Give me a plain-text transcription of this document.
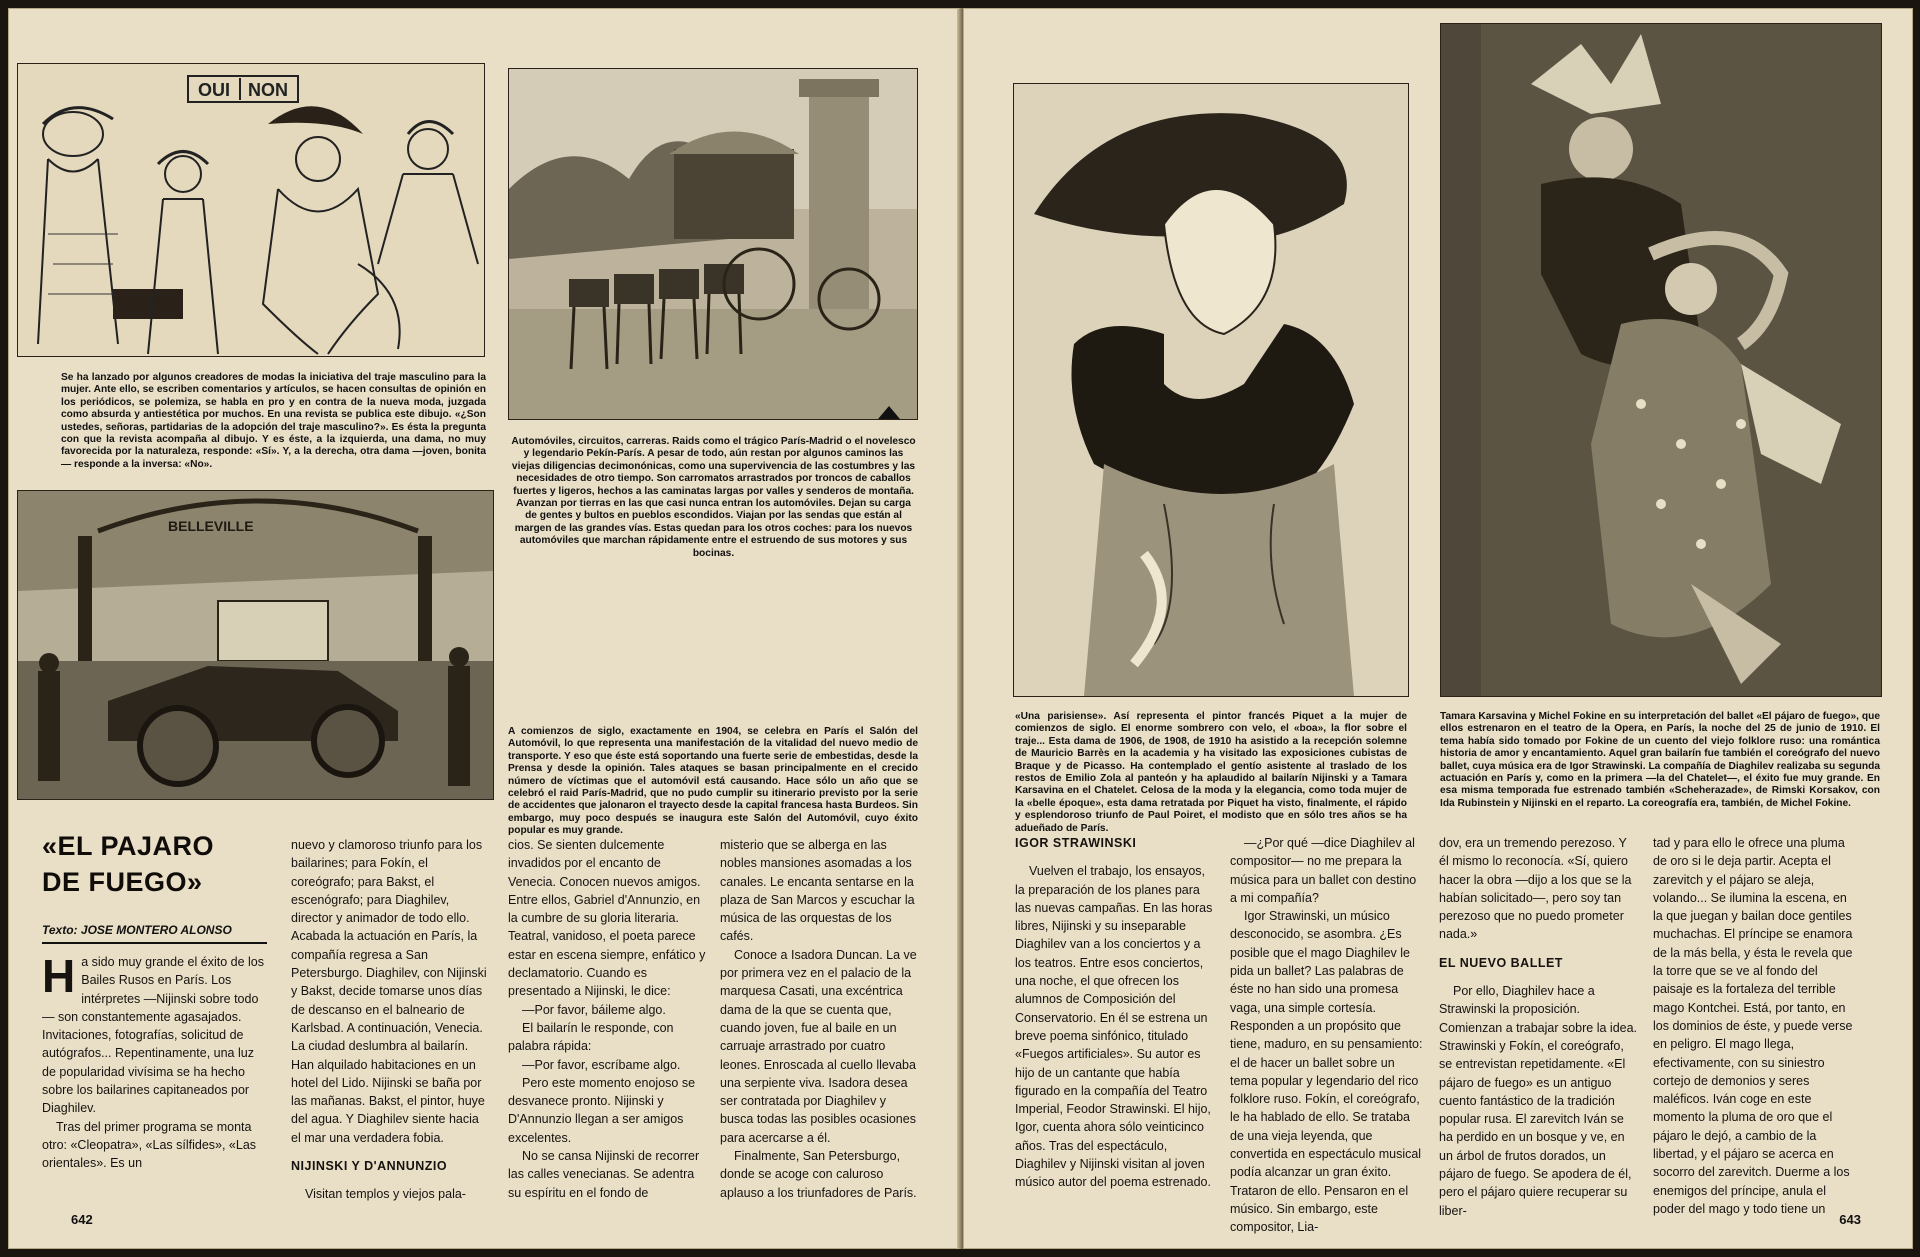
OUI NON

Se ha lanzado por algunos creadores de modas la iniciativa del traje masculino para la mujer. Ante ello, se escriben comentarios y artículos, se hacen consultas de opinión en los periódicos, se polemiza, se habla en pro y en contra de la nueva moda, juzgada como absurda y antiestética por muchos. En una revista se publica este dibujo. «¿Son ustedes, señoras, partidarias de la adopción del traje masculino?». Es ésta la pregunta con que la revista acompaña al dibujo. Y es éste, a la izquierda, una dama, no muy favorecida por la naturaleza, responde: «Sí». Y, a la derecha, otra dama —joven, bonita— responde a la inversa: «No».

Automóviles, circuitos, carreras. Raids como el trágico París-Madrid o el novelesco y legendario Pekín-París. A pesar de todo, aún restan por algunos caminos las viejas diligencias decimonónicas, como una supervivencia de las costumbres y las necesidades de otro tiempo. Son carromatos arrastrados por troncos de caballos fuertes y ligeros, hechos a las caminatas largas por valles y senderos de montaña. Avanzan por tierras en las que casi nunca entran los automóviles. Dejan su carga de gentes y bultos en pueblos escondidos. Viajan por las sendas que están al margen de las grandes vías. Estas quedan para los otros coches: para los nuevos automóviles que marchan rápidamente entre el estruendo de sus motores y sus bocinas.

BELLEVILLE

A comienzos de siglo, exactamente en 1904, se celebra en París el Salón del Automóvil, lo que representa una manifestación de la vitalidad del nuevo medio de transporte. Y eso que éste está soportando una fuerte serie de embestidas, desde la Prensa y desde la opinión. Tales ataques se basan principalmente en el crecido número de víctimas que el automóvil está causando. Hace sólo un año que se celebró el raid París-Madrid, que no pudo cumplir su itinerario previsto por la serie de accidentes que jalonaron el trayecto desde la capital francesa hasta Burdeos. Sin embargo, muy poco después se inaugura este Salón del Automóvil, cuyo éxito popular es muy grande.

«EL PAJARO DE FUEGO»

Texto: JOSE MONTERO ALONSO

Ha sido muy grande el éxito de los Bailes Rusos en París. Los intérpretes —Nijinski sobre todo— son constantemente agasajados. Invitaciones, fotografías, solicitud de autógrafos... Repentinamente, una luz de popularidad vivísima se ha hecho sobre los bailarines capitaneados por Diaghilev.

Tras del primer programa se monta otro: «Cleopatra», «Las sílfides», «Las orientales». Es un

nuevo y clamoroso triunfo para los bailarines; para Fokín, el coreógrafo; para Bakst, el escenógrafo; para Diaghilev, director y animador de todo ello. Acabada la actuación en París, la compañía regresa a San Petersburgo. Diaghilev, con Nijinski y Bakst, decide tomarse unos días de descanso en el balneario de Karlsbad. A continuación, Venecia. La ciudad deslumbra al bailarín. Han alquilado habitaciones en un hotel del Lido. Nijinski se baña por las mañanas. Bakst, el pintor, huye del agua. Y Diaghilev siente hacia el mar una verdadera fobia.

NIJINSKI Y D'ANNUNZIO

Visitan templos y viejos pala-

cios. Se sienten dulcemente invadidos por el encanto de Venecia. Conocen nuevos amigos. Entre ellos, Gabriel d'Annunzio, en la cumbre de su gloria literaria. Teatral, vanidoso, el poeta parece estar en escena siempre, enfático y declamatorio. Cuando es presentado a Nijinski, le dice:

—Por favor, báileme algo.

El bailarín le responde, con palabra rápida:

—Por favor, escríbame algo.

Pero este momento enojoso se desvanece pronto. Nijinski y D'Annunzio llegan a ser amigos excelentes.

No se cansa Nijinski de recorrer las calles venecianas. Se adentra su espíritu en el fondo de

misterio que se alberga en las nobles mansiones asomadas a los canales. Le encanta sentarse en la plaza de San Marcos y escuchar la música de las orquestas de los cafés.

Conoce a Isadora Duncan. La ve por primera vez en el palacio de la marquesa Casati, una excéntrica dama de la que se cuenta que, cuando joven, fue al baile en un carruaje arrastrado por cuatro leones. Enroscada al cuello llevaba una serpiente viva. Isadora desea ser contratada por Diaghilev y busca todas las posibles ocasiones para acercarse a él.

Finalmente, San Petersburgo, donde se acoge con caluroso aplauso a los triunfadores de París.

642

«Una parisiense». Así representa el pintor francés Piquet a la mujer de comienzos de siglo. El enorme sombrero con velo, el «boa», la flor sobre el traje... Esta dama de 1906, de 1908, de 1910 ha asistido a la recepción solemne de Mauricio Barrès en la academia y ha visitado las exposiciones cubistas de Braque y de Picasso. Ha contemplado el gentío asistente al traslado de los restos de Emilio Zola al panteón y ha aplaudido al bailarín Nijinski y a Tamara Karsavina en el Chatelet. Celosa de la moda y la elegancia, como toda mujer de la «belle époque», esta dama retratada por Piquet ha visto, finalmente, el rápido y esplendoroso triunfo de Paul Poiret, el modisto que en sólo tres años se ha adueñado de París.

Tamara Karsavina y Michel Fokine en su interpretación del ballet «El pájaro de fuego», que ellos estrenaron en el teatro de la Opera, en París, la noche del 25 de junio de 1910. El tema había sido tomado por Fokine de un cuento del viejo folklore ruso: una romántica historia de amor y encantamiento. Aquel gran bailarín fue también el coreógrafo del nuevo ballet, cuya música era de Igor Strawinski. La compañía de Diaghilev realizaba su segunda actuación en París y, como en la primera —la del Chatelet—, el éxito fue muy grande. En esa misma temporada fue estrenado también «Scheherazade», de Rimski Korsakov, con Ida Rubinstein y Nijinski en el reparto. La coreografía era, también, de Michel Fokine.

IGOR STRAWINSKI

Vuelven el trabajo, los ensayos, la preparación de los planes para las nuevas campañas. En las horas libres, Nijinski y su inseparable Diaghilev van a los conciertos y a los teatros. Entre esos conciertos, una noche, el que ofrecen los alumnos de Composición del Conservatorio. En él se estrena un breve poema sinfónico, titulado «Fuegos artificiales». Su autor es hijo de un cantante que había figurado en la compañía del Teatro Imperial, Feodor Strawinski. El hijo, Igor, cuenta ahora sólo veinticinco años. Tras del espectáculo, Diaghilev y Nijinski visitan al joven músico autor del poema estrenado.

—¿Por qué —dice Diaghilev al compositor— no me prepara la música para un ballet con destino a mi compañía?

Igor Strawinski, un músico desconocido, se asombra. ¿Es posible que el mago Diaghilev le pida un ballet? Las palabras de éste no han sido una promesa vaga, una simple cortesía. Responden a un propósito que tiene, maduro, en su pensamiento: el de hacer un ballet sobre un tema popular y legendario del rico folklore ruso. Fokín, el coreógrafo, le ha hablado de ello. Se trataba de una vieja leyenda, que convertida en espectáculo musical podía alcanzar un gran éxito. Trataron de ello. Pensaron en el músico. Sin embargo, este compositor, Lia-

dov, era un tremendo perezoso. Y él mismo lo reconocía. «Sí, quiero hacer la obra —dijo a los que se la habían solicitado—, pero soy tan perezoso que no puedo prometer nada.»

EL NUEVO BALLET

Por ello, Diaghilev hace a Strawinski la proposición. Comienzan a trabajar sobre la idea. Strawinski y Fokín, el coreógrafo, se entrevistan repetidamente. «El pájaro de fuego» es un antiguo cuento fantástico de la tradición popular rusa. El zarevitch Iván se ha perdido en un bosque y ve, en un árbol de frutos dorados, un pájaro de fuego. Se apodera de él, pero el pájaro quiere recuperar su liber-

tad y para ello le ofrece una pluma de oro si le deja partir. Acepta el zarevitch y el pájaro se aleja, volando... Se ilumina la escena, en la que juegan y bailan doce gentiles muchachas. El príncipe se enamora de la más bella, y ésta le revela que la torre que se ve al fondo del paisaje es la fortaleza del terrible mago Kontchei. Está, por tanto, en los dominios de éste, y puede verse en peligro. El mago llega, efectivamente, con su siniestro cortejo de demonios y seres maléficos. Iván coge en este momento la pluma de oro que el pájaro le dejó, a cambio de la libertad, y el pájaro se acerca en socorro del zarevitch. Duerme a los enemigos del príncipe, anula el poder del mago y todo tiene un

643
